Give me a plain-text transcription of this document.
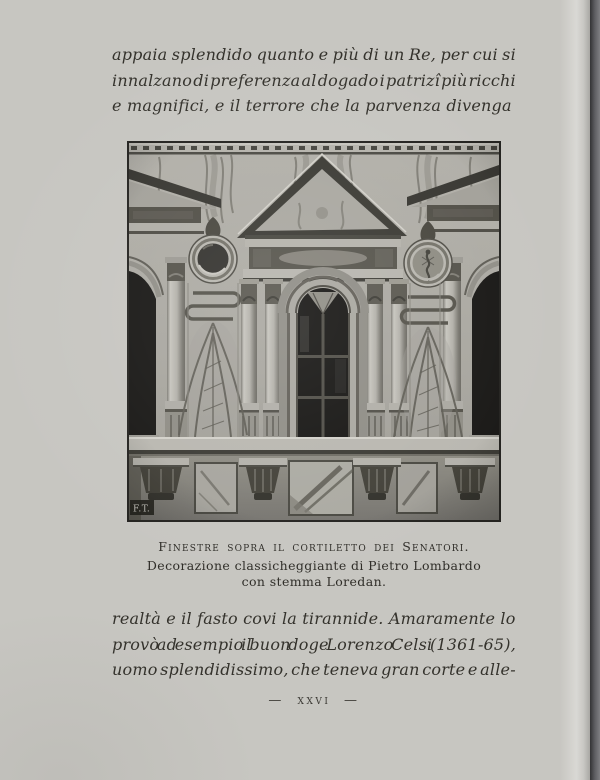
appaia splendido quanto e più di un Re, per cui si
innalzano di preferenza al dogado i patrizî più ricchi
e magnifici, e il terrore che la parvenza divenga
Finestre sopra il cortiletto dei Senatori.
Decorazione classicheggiante di Pietro Lombardo
con stemma Loredan.
realtà e il fasto covi la tirannide. Amaramente lo
provò ad esempio il buon doge Lorenzo Celsi (1361-65),
uomo splendidissimo, che teneva gran corte e alle-
— xxvi —
